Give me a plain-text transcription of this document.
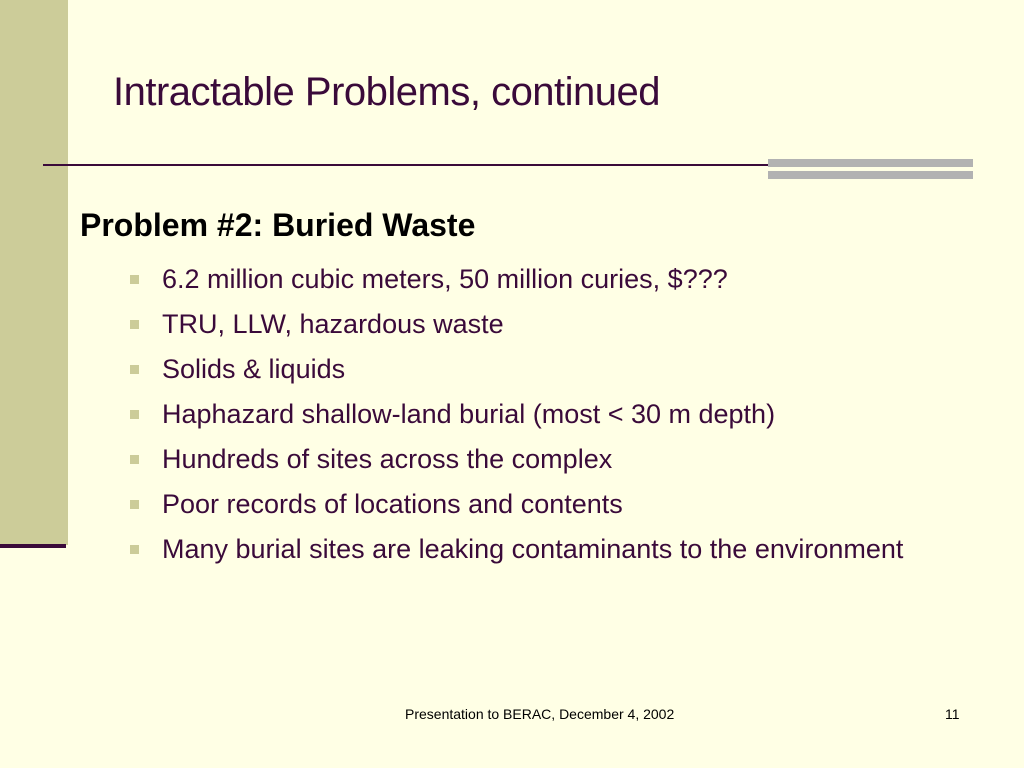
Intractable Problems, continued
Problem #2: Buried Waste
6.2 million cubic meters, 50 million curies, $???
TRU, LLW, hazardous waste
Solids & liquids
Haphazard shallow-land burial (most < 30 m depth)
Hundreds of sites across the complex
Poor records of locations and contents
Many burial sites are leaking contaminants to the environment
Presentation to BERAC, December 4, 2002	11
